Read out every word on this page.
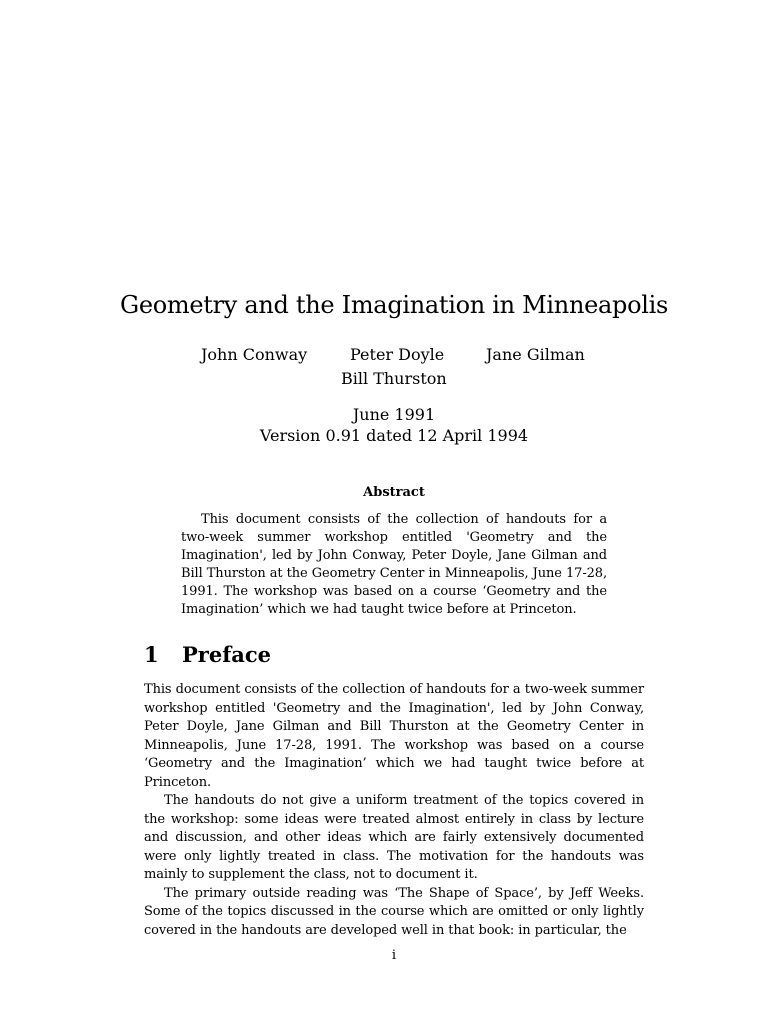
Geometry and the Imagination in Minneapolis
John Conway	Peter Doyle	Jane Gilman
Bill Thurston
June 1991
Version 0.91 dated 12 April 1994
Abstract
This document consists of the collection of handouts for a two-week summer workshop entitled 'Geometry and the Imagination', led by John Conway, Peter Doyle, Jane Gilman and Bill Thurston at the Geometry Center in Minneapolis, June 17-28, 1991. The workshop was based on a course ‘Geometry and the Imagination’ which we had taught twice before at Princeton.
1 Preface

This document consists of the collection of handouts for a two-week summer workshop entitled 'Geometry and the Imagination', led by John Conway, Peter Doyle, Jane Gilman and Bill Thurston at the Geometry Center in Minneapolis, June 17-28, 1991. The workshop was based on a course ‘Geometry and the Imagination’ which we had taught twice before at Princeton.

The handouts do not give a uniform treatment of the topics covered in the workshop: some ideas were treated almost entirely in class by lecture and discussion, and other ideas which are fairly extensively documented were only lightly treated in class. The motivation for the handouts was mainly to supplement the class, not to document it.

The primary outside reading was ‘The Shape of Space’, by Jeff Weeks. Some of the topics discussed in the course which are omitted or only lightly covered in the handouts are developed well in that book: in particular, the

i
